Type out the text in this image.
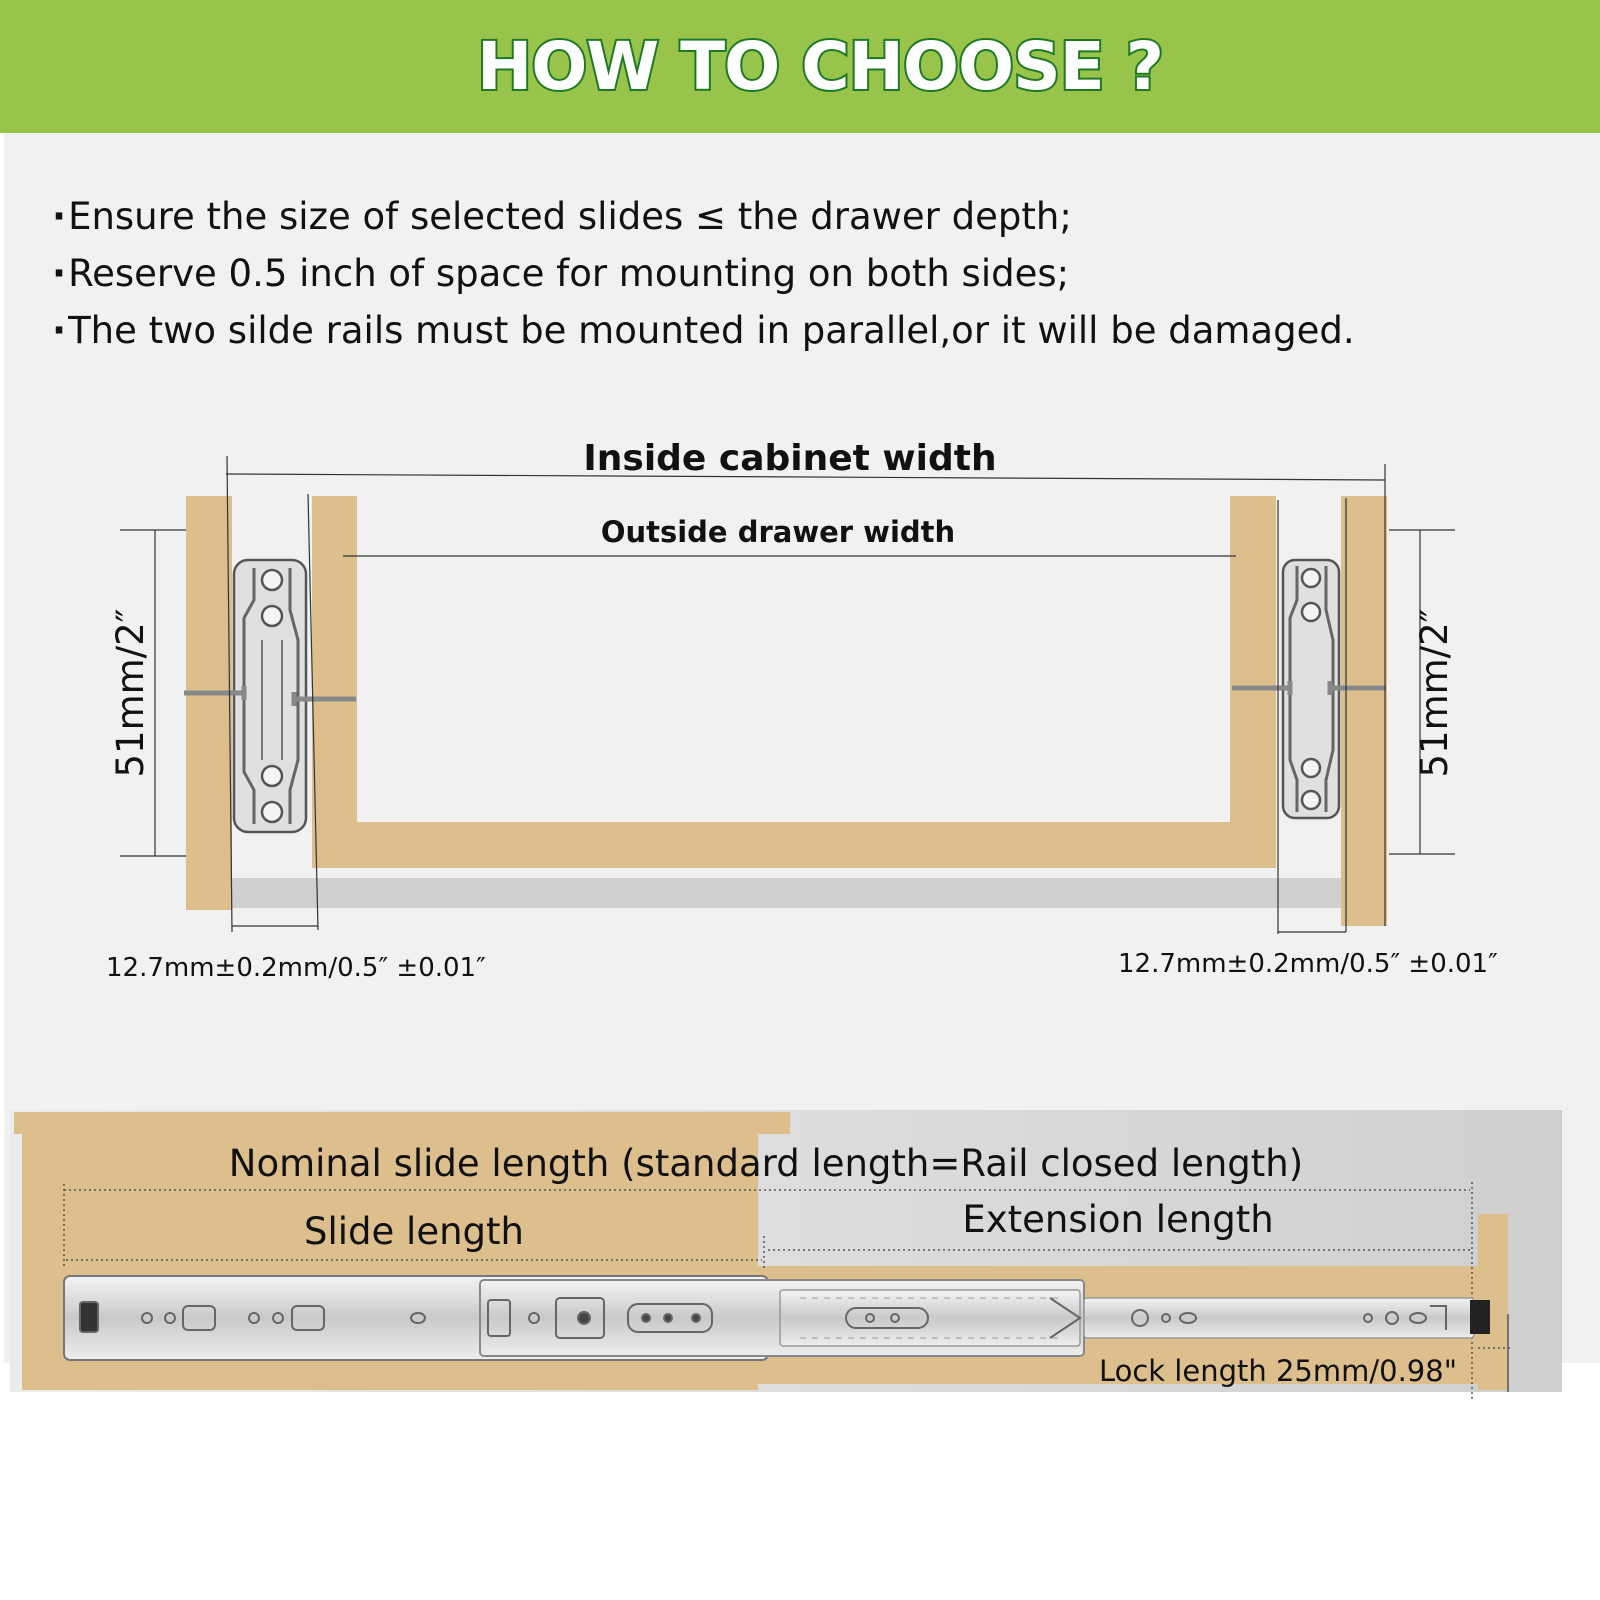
HOW TO CHOOSE ?
·Ensure the size of selected slides ≤ the drawer depth;
·Reserve 0.5 inch of space for mounting on both sides;
·The two silde rails must be mounted in parallel,or it will be damaged.
Inside cabinet width
Outside drawer width
51mm/2″	51mm/2″
12.7mm±0.2mm/0.5″ ±0.01″	12.7mm±0.2mm/0.5″ ±0.01″
Nominal slide length (standard length=Rail closed length)
Slide length	Extension length
Lock length 25mm/0.98"
